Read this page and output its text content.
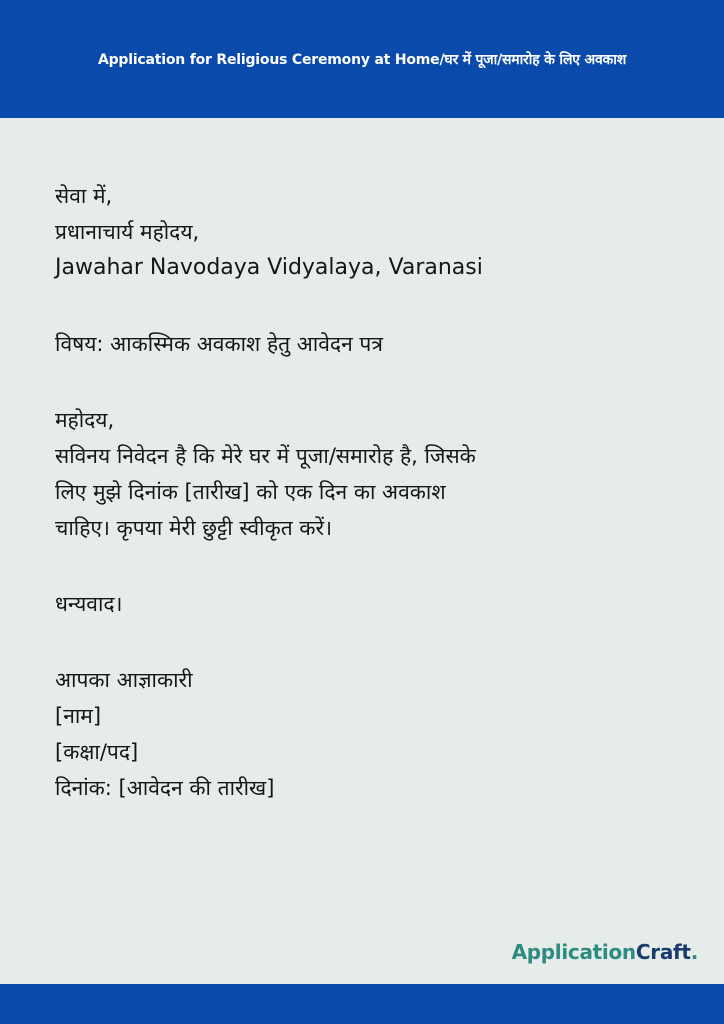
Application for Religious Ceremony at Home/घर में पूजा/समारोह के लिए अवकाश
सेवा में,
प्रधानाचार्य महोदय,
Jawahar Navodaya Vidyalaya, Varanasi
विषय: आकस्मिक अवकाश हेतु आवेदन पत्र
महोदय,
सविनय निवेदन है कि मेरे घर में पूजा/समारोह है, जिसके
लिए मुझे दिनांक [तारीख] को एक दिन का अवकाश
चाहिए। कृपया मेरी छुट्टी स्वीकृत करें।
धन्यवाद।
आपका आज्ञाकारी
[नाम]
[कक्षा/पद]
दिनांक: [आवेदन की तारीख]
ApplicationCraft.
